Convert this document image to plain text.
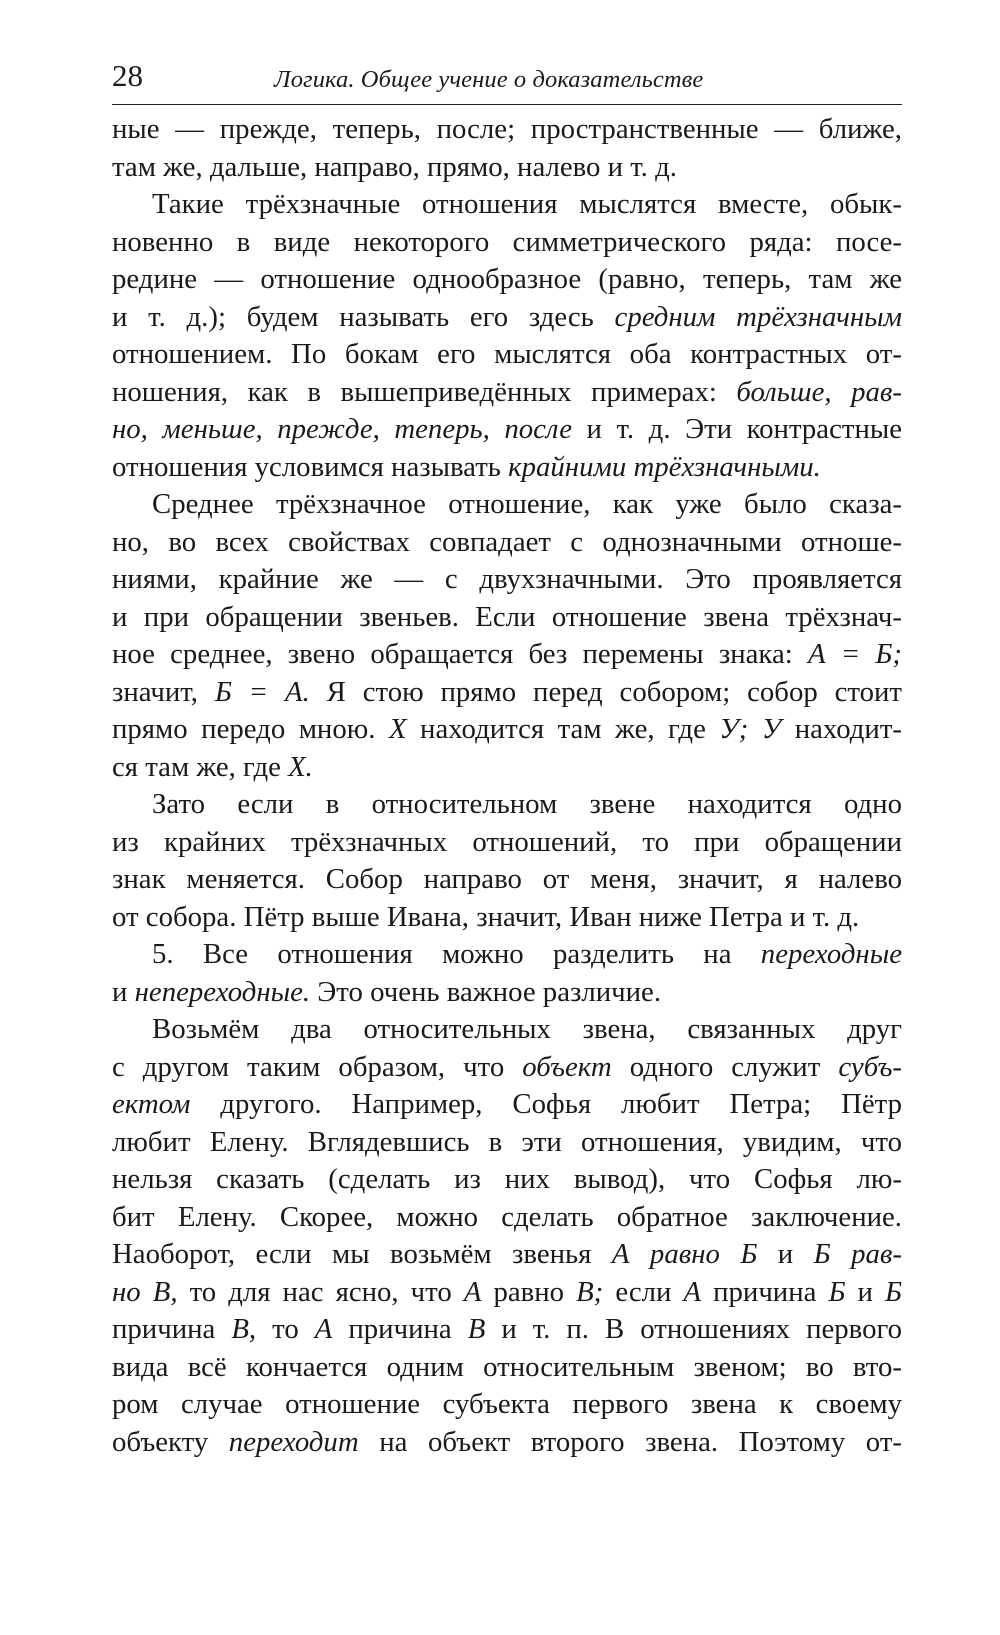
28	Логика. Общее учение о доказательстве
ные — прежде, теперь, после; пространственные — ближе,
там же, дальше, направо, прямо, налево и т. д.
Такие трёхзначные отношения мыслятся вместе, обык-
новенно в виде некоторого симметрического ряда: посе-
редине — отношение однообразное (равно, теперь, там же
и т. д.); будем называть его здесь средним трёхзначным
отношением. По бокам его мыслятся оба контрастных от-
ношения, как в вышеприведённых примерах: больше, рав-
но, меньше, прежде, теперь, после и т. д. Эти контрастные
отношения условимся называть крайними трёхзначными.
Среднее трёхзначное отношение, как уже было сказа-
но, во всех свойствах совпадает с однозначными отноше-
ниями, крайние же — с двухзначными. Это проявляется
и при обращении звеньев. Если отношение звена трёхзнач-
ное среднее, звено обращается без перемены знака: А = Б;
значит, Б = А. Я стою прямо перед собором; собор стоит
прямо передо мною. Х находится там же, где У; У находит-
ся там же, где Х.
Зато если в относительном звене находится одно
из крайних трёхзначных отношений, то при обращении
знак меняется. Собор направо от меня, значит, я налево
от собора. Пётр выше Ивана, значит, Иван ниже Петра и т. д.
5. Все отношения можно разделить на переходные
и непереходные. Это очень важное различие.
Возьмём два относительных звена, связанных друг
с другом таким образом, что объект одного служит субъ-
ектом другого. Например, Софья любит Петра; Пётр
любит Елену. Вглядевшись в эти отношения, увидим, что
нельзя сказать (сделать из них вывод), что Софья лю-
бит Елену. Скорее, можно сделать обратное заключение.
Наоборот, если мы возьмём звенья А равно Б и Б рав-
но В, то для нас ясно, что А равно В; если А причина Б и Б
причина В, то А причина В и т. п. В отношениях первого
вида всё кончается одним относительным звеном; во вто-
ром случае отношение субъекта первого звена к своему
объекту переходит на объект второго звена. Поэтому от-
